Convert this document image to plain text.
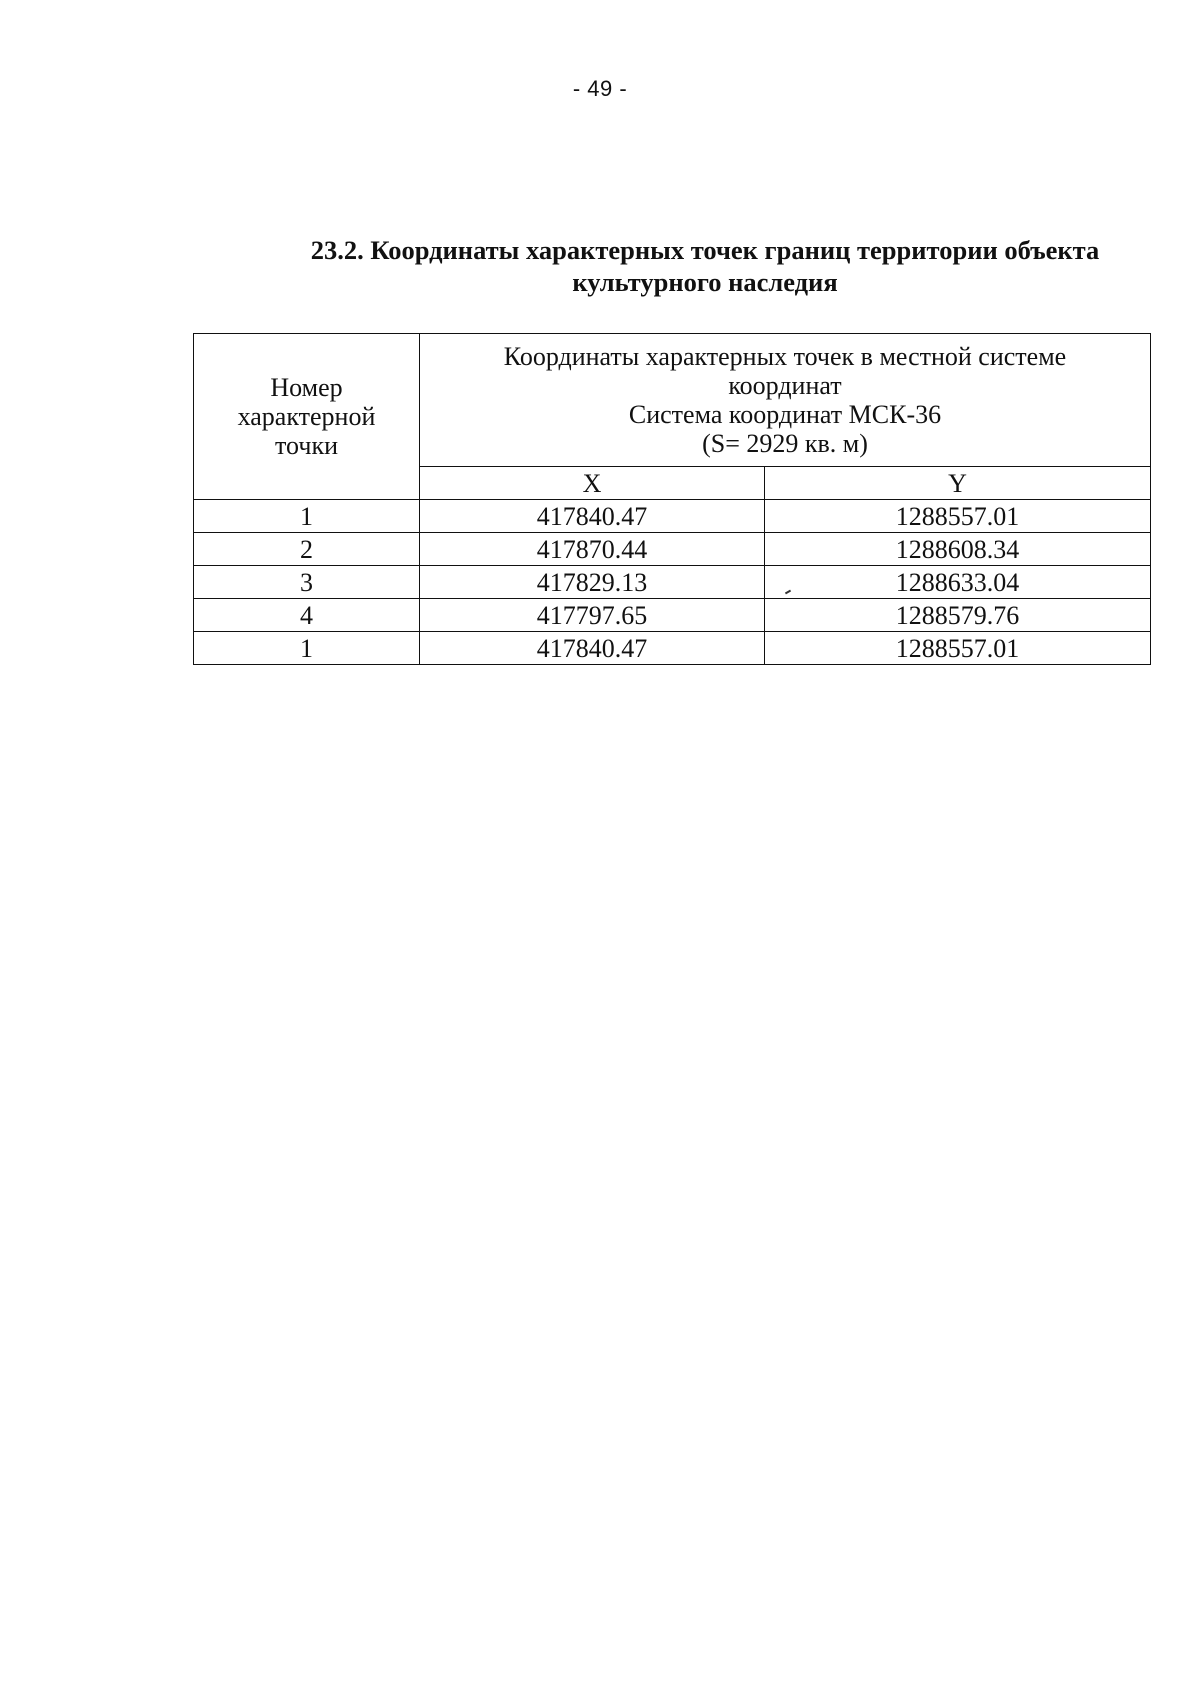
- 49 -
23.2. Координаты характерных точек границ территории объекта
культурного наследия
Номер
характерной
точки	Координаты характерных точек в местной системе
координат
Система координат МСК-36
(S= 2929 кв. м)	

	X	Y
1	417840.47	1288557.01
2	417870.44	1288608.34
3	417829.13	1288633.04
4	417797.65	1288579.76
1	417840.47	1288557.01
